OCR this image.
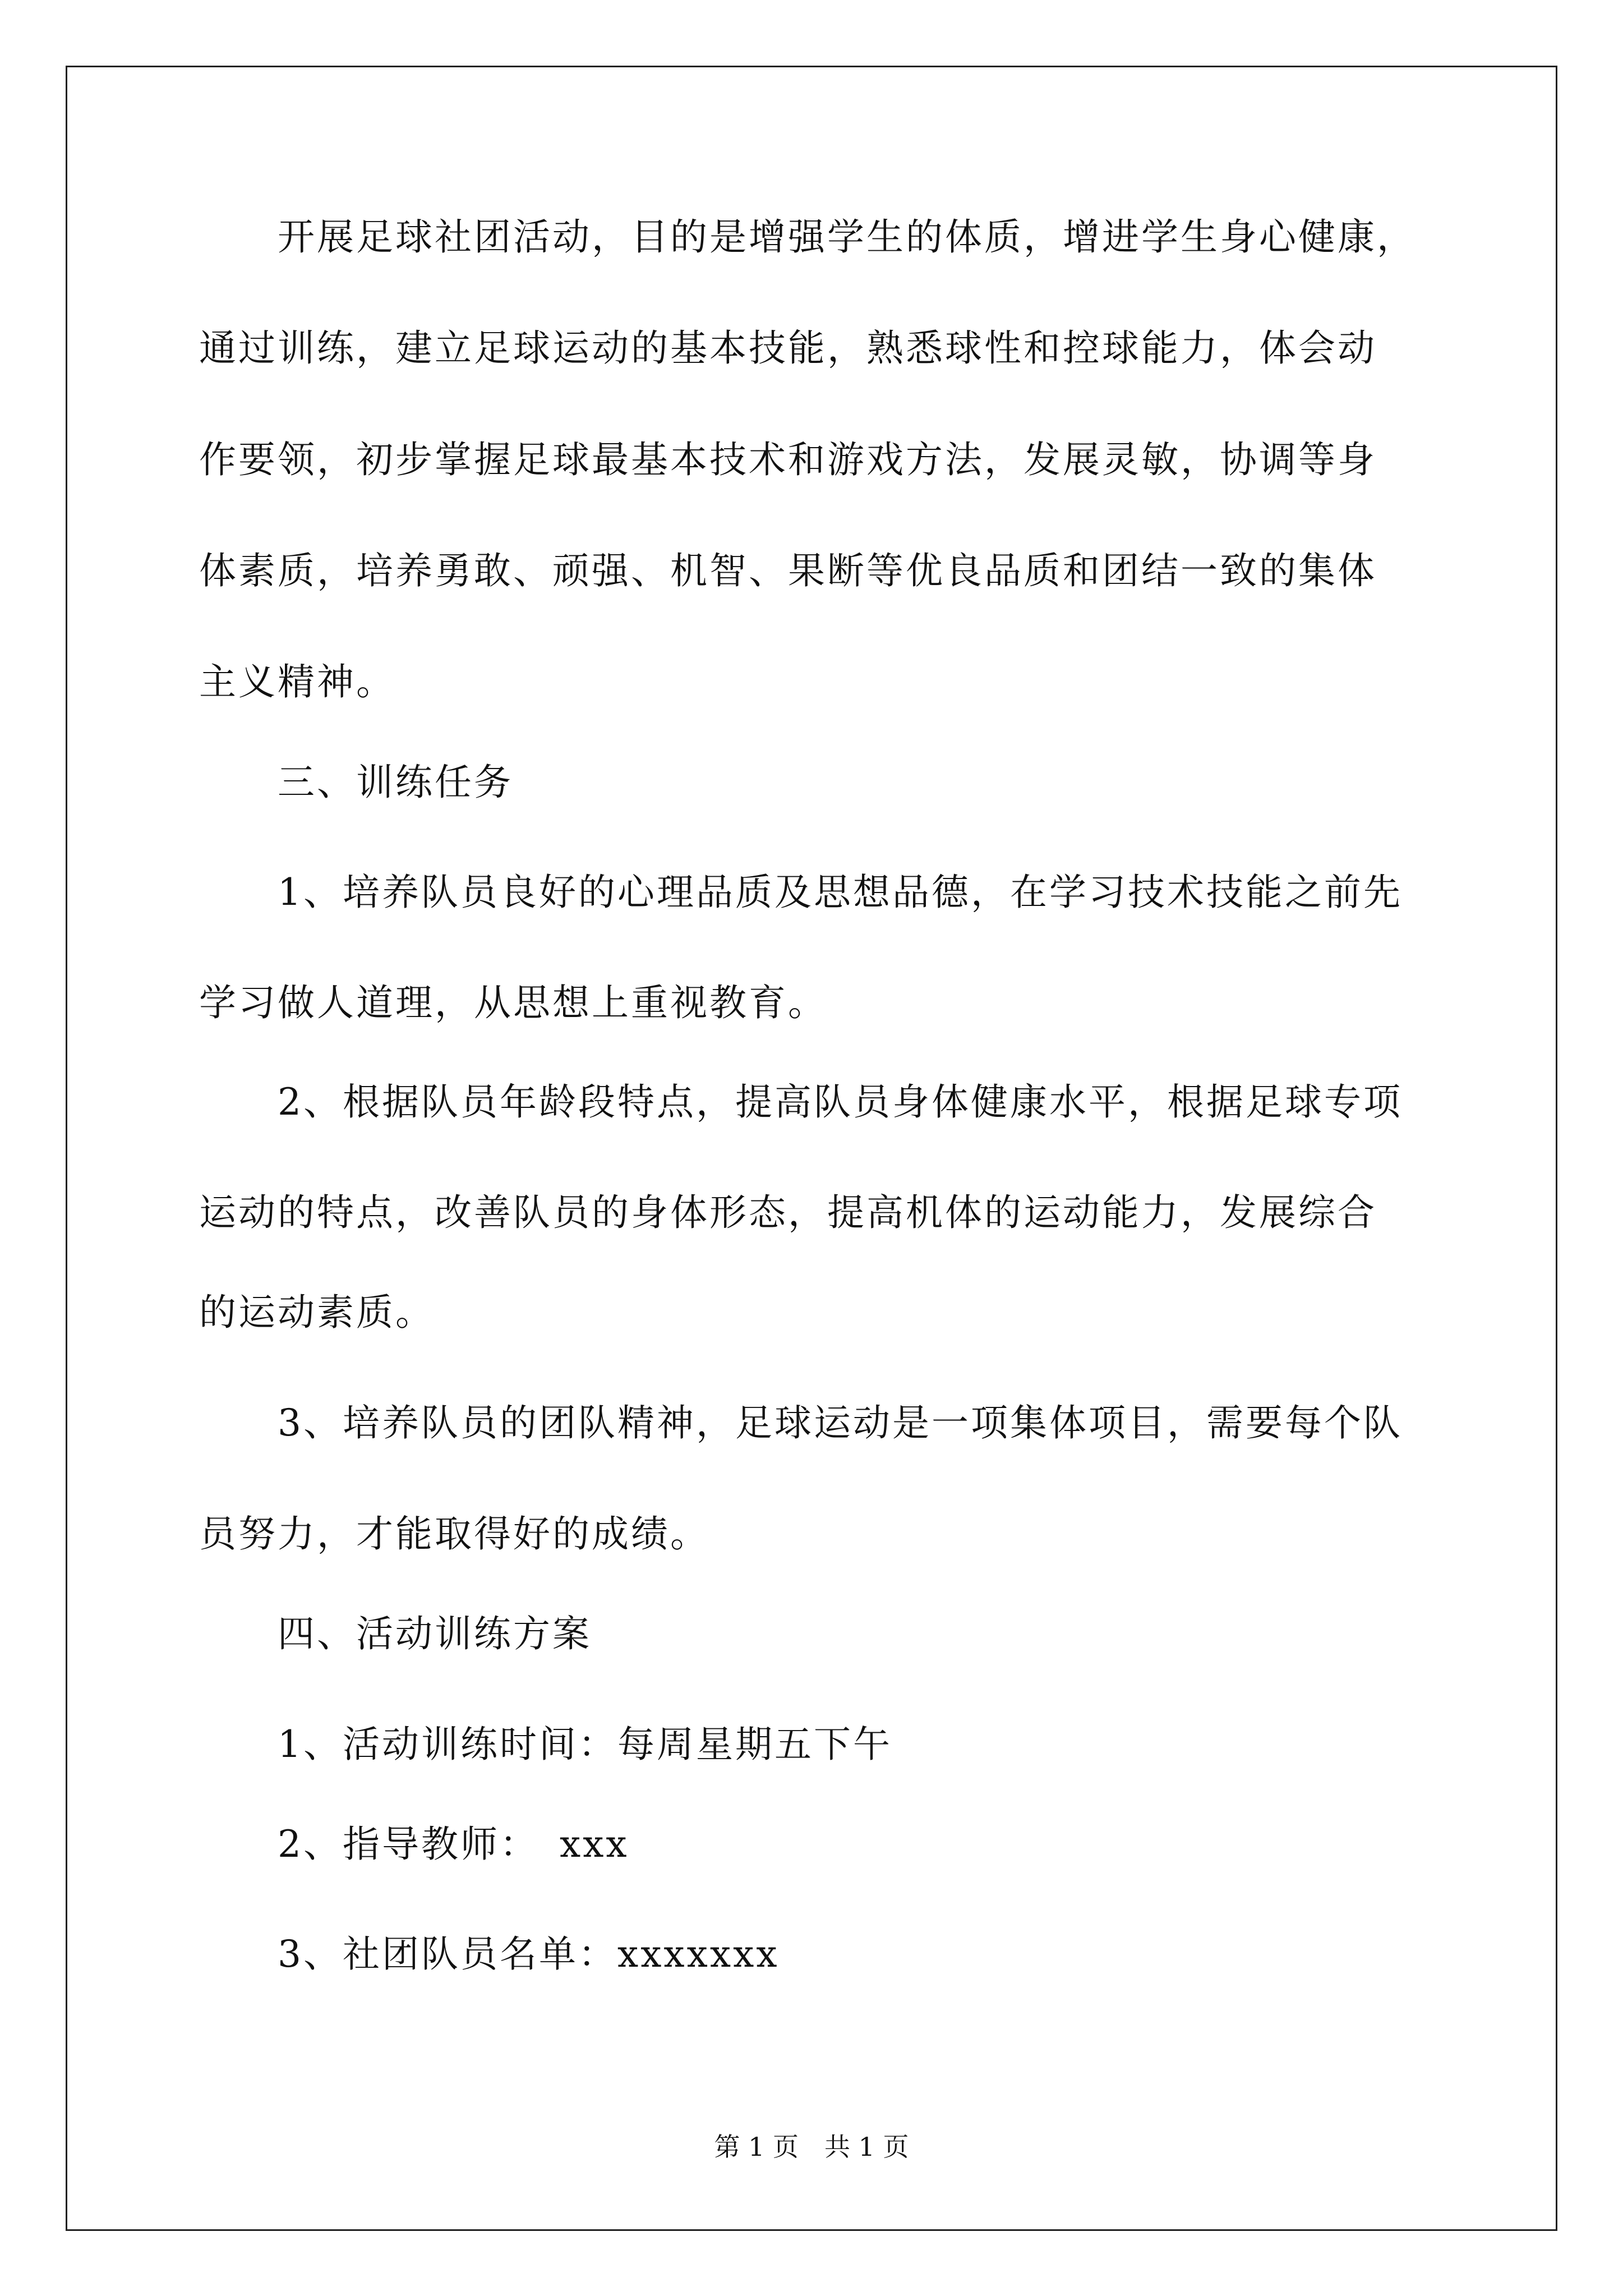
　　开展足球社团活动，目的是增强学生的体质，增进学生身心健康，
通过训练，建立足球运动的基本技能，熟悉球性和控球能力，体会动
作要领，初步掌握足球最基本技术和游戏方法，发展灵敏，协调等身
体素质，培养勇敢、顽强、机智、果断等优良品质和团结一致的集体
主义精神。
　　三、训练任务
　　1、培养队员良好的心理品质及思想品德，在学习技术技能之前先
学习做人道理，从思想上重视教育。
　　2、根据队员年龄段特点，提高队员身体健康水平，根据足球专项
运动的特点，改善队员的身体形态，提高机体的运动能力，发展综合
的运动素质。
　　3、培养队员的团队精神，足球运动是一项集体项目，需要每个队
员努力，才能取得好的成绩。
　　四、活动训练方案
　　1、活动训练时间：每周星期五下午
　　2、指导教师：　xxx
　　3、社团队员名单：xxxxxxx
第 1 页　共 1 页
